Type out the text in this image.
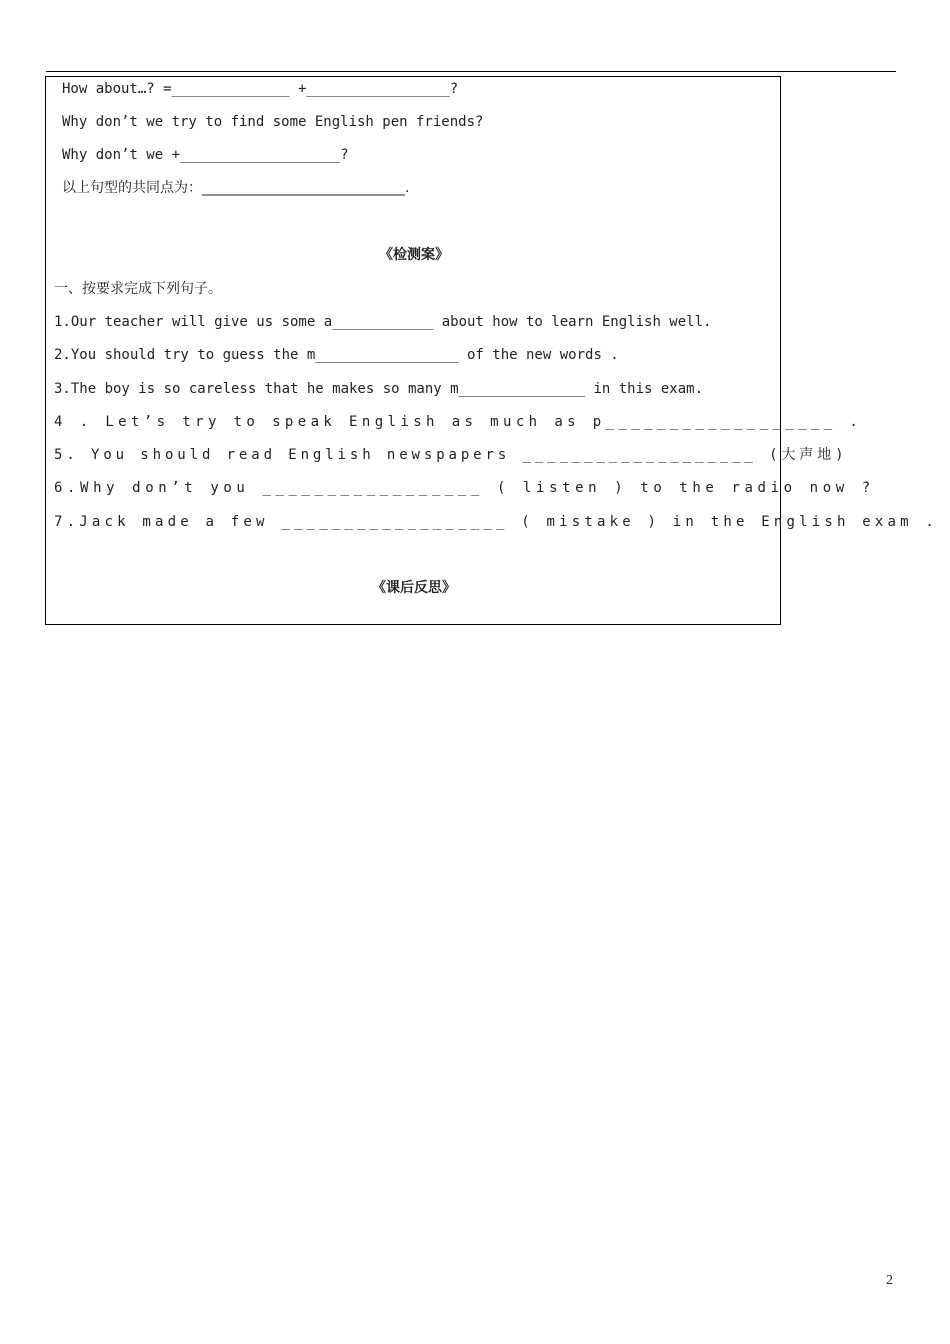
How about…? =______________ +_________________?
Why don’t we try to find some English pen friends?
Why don’t we +___________________?
以上句型的共同点为：_____________________________.
《检测案》
一、按要求完成下列句子。
1.Our teacher will give us some a____________ about how to learn English well.
2.You should try to guess the m_________________ of the new words .
3.The boy is so careless that he makes so many m_______________ in this exam.
4 . Let’s try to speak English as much as p__________________ .
5. You should read English newspapers ___________________ (大声地)
6.Why don’t you _________________ ( listen ) to the radio now ?
7.Jack made a few __________________ ( mistake ) in the English exam .
《课后反思》
2
